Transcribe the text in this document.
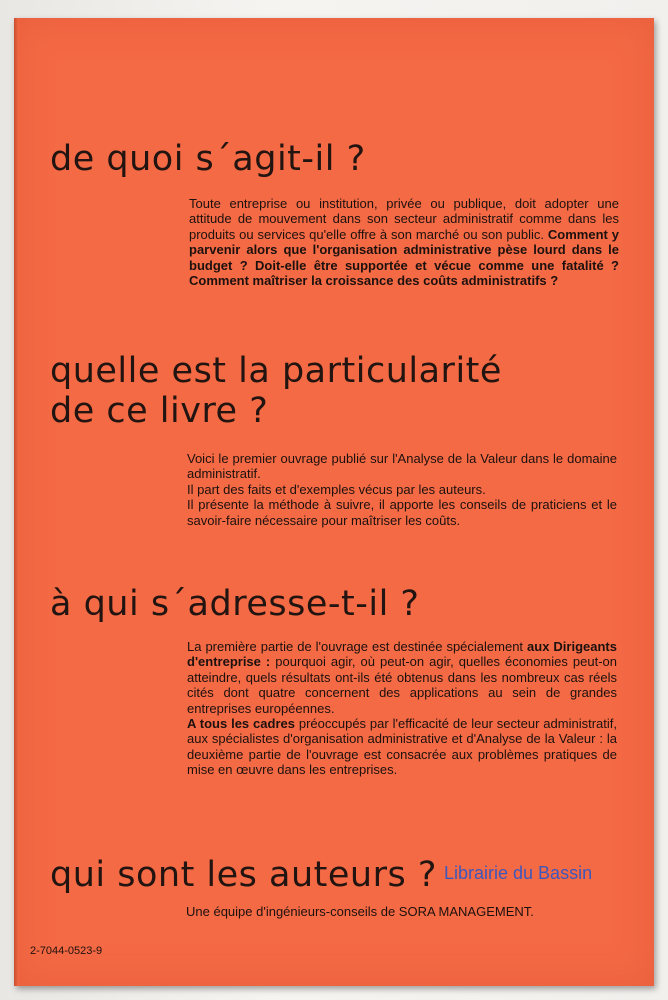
de quoi s´agit-il ?

Toute entreprise ou institution, privée ou publique, doit adopter une attitude de mouvement dans son secteur administratif comme dans les produits ou services qu'elle offre à son marché ou son public. Comment y parvenir alors que l'organisation administrative pèse lourd dans le budget ? Doit-elle être supportée et vécue comme une fatalité ? Comment maîtriser la croissance des coûts administratifs ?

quelle est la particularité
de ce livre ?
Voici le premier ouvrage publié sur l'Analyse de la Valeur dans le domaine administratif.
Il part des faits et d'exemples vécus par les auteurs.
Il présente la méthode à suivre, il apporte les conseils de praticiens et le savoir-faire nécessaire pour maîtriser les coûts.
à qui s´adresse-t-il ?
La première partie de l'ouvrage est destinée spécialement aux Dirigeants d'entreprise : pourquoi agir, où peut-on agir, quelles économies peut-on atteindre, quels résultats ont-ils été obtenus dans les nombreux cas réels cités dont quatre concernent des applications au sein de grandes entreprises européennes.
A tous les cadres préoccupés par l'efficacité de leur secteur administratif, aux spécialistes d'organisation administrative et d'Analyse de la Valeur : la deuxième partie de l'ouvrage est consacrée aux problèmes pratiques de mise en œuvre dans les entreprises.
qui sont les auteurs ?

Une équipe d'ingénieurs-conseils de SORA MANAGEMENT.

2-7044-0523-9

Librairie du Bassin
